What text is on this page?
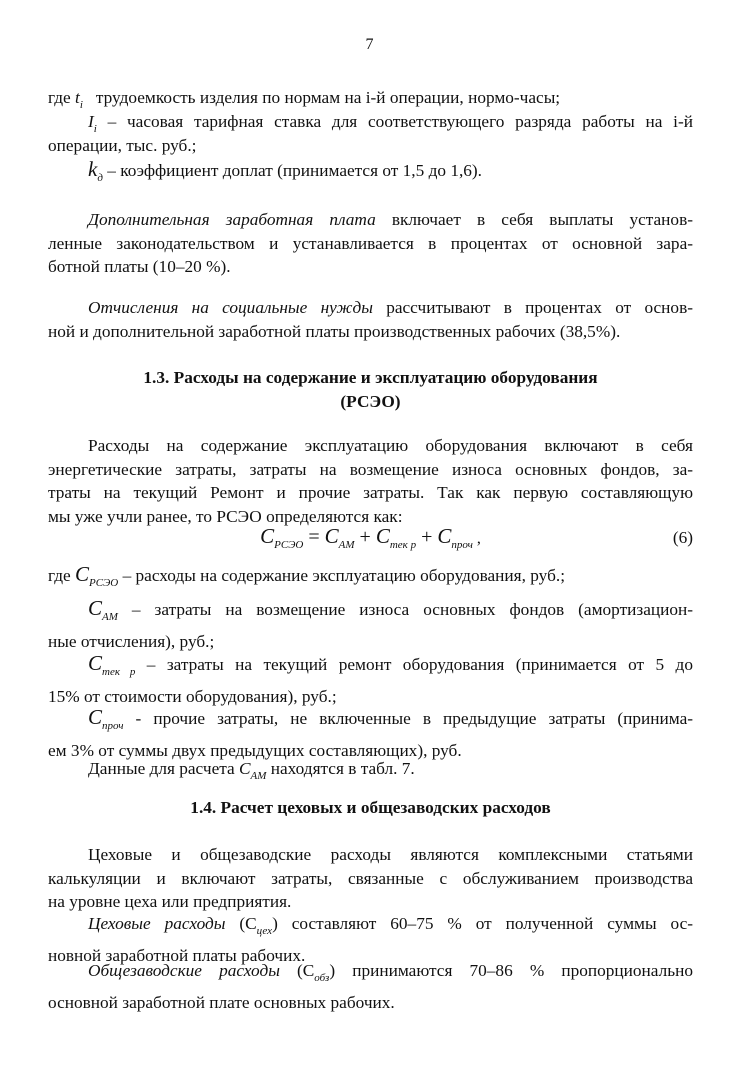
7
где $t_i$ трудоемкость изделия по нормам на i-й операции, нормо-часы;
$I_i$ – часовая тарифная ставка для соответствующего разряда работы на i-й
операции, тыс. руб.;
$k_д$ – коэффициент доплат (принимается от 1,5 до 1,6).
Дополнительная заработная плата включает в себя выплаты установ-
ленные законодательством и устанавливается в процентах от основной зара-
ботной платы (10–20 %).
Отчисления на социальные нужды рассчитывают в процентах от основ-
ной и дополнительной заработной платы производственных рабочих (38,5%).
1.3. Расходы на содержание и эксплуатацию оборудования
(РСЭО)
Расходы на содержание эксплуатацию оборудования включают в себя
энергетические затраты, затраты на возмещение износа основных фондов, за-
траты на текущий Ремонт и прочие затраты. Так как первую составляющую
мы уже учли ранее, то РСЭО определяются как:
$C_{РСЭО} = C_{АМ} + C_{тек р} + C_{проч}$ ,	(6)
где $C_{РСЭО}$ – расходы на содержание эксплуатацию оборудования, руб.;
$C_{АМ}$ – затраты на возмещение износа основных фондов (амортизацион-
ные отчисления), руб.;
$C_{тек р}$ – затраты на текущий ремонт оборудования (принимается от 5 до
15% от стоимости оборудования), руб.;
$C_{проч}$ - прочие затраты, не включенные в предыдущие затраты (принима-
ем 3% от суммы двух предыдущих составляющих), руб.
Данные для расчета $С_{АМ}$ находятся в табл. 7.
1.4. Расчет цеховых и общезаводских расходов
Цеховые и общезаводские расходы являются комплексными статьями
калькуляции и включают затраты, связанные с обслуживанием производства
на уровне цеха или предприятия.
Цеховые расходы $(С_{цех})$ составляют 60–75 % от полученной суммы ос-
новной заработной платы рабочих.
Общезаводские расходы $(С_{обз})$ принимаются 70–86 % пропорционально
основной заработной плате основных рабочих.
